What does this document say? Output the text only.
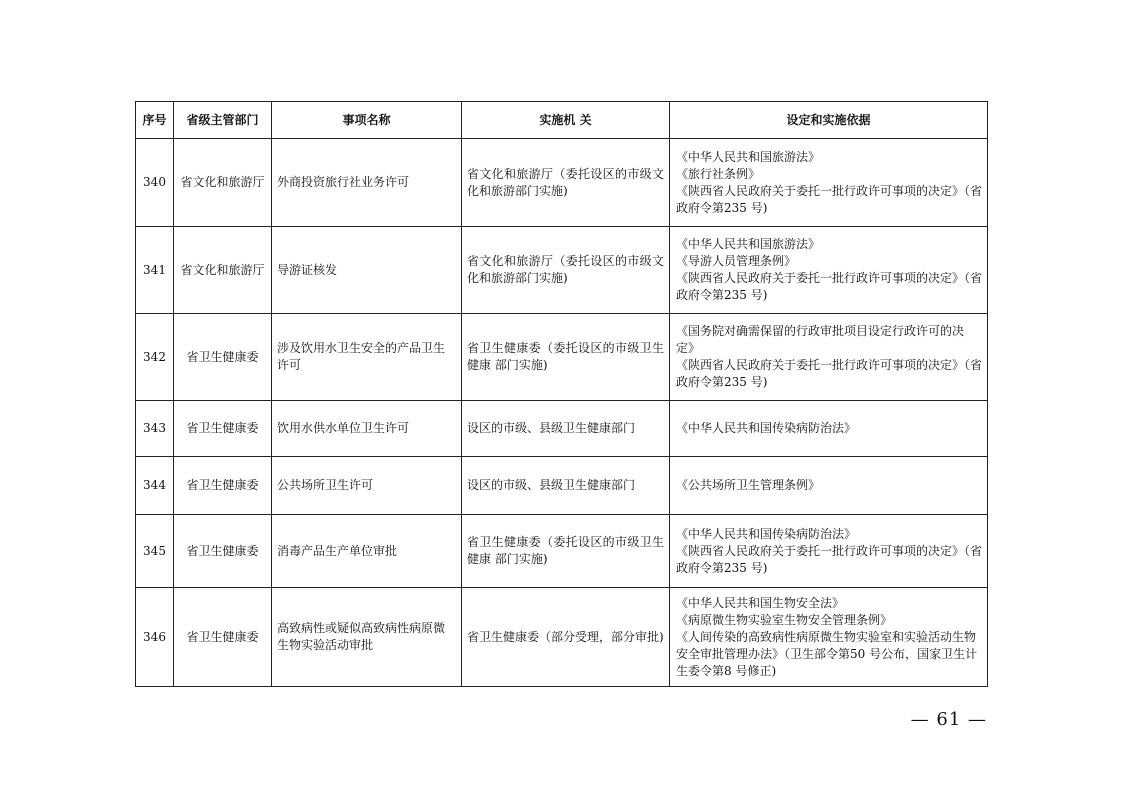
序号	省级主管部门	事项名称	实施机 关	设定和实施依据
340	省文化和旅游厅	外商投资旅行社业务许可	省文化和旅游厅（委托设区的市级文化和旅游部门实施)	《中华人民共和国旅游法》
《旅行社条例》
《陕西省人民政府关于委托一批行政许可事项的决定》（省政府令第235 号)

341	省文化和旅游厅	导游证核发	省文化和旅游厅（委托设区的市级文化和旅游部门实施)	《中华人民共和国旅游法》
《导游人员管理条例》
《陕西省人民政府关于委托一批行政许可事项的决定》（省政府令第235 号)

342	省卫生健康委	涉及饮用水卫生安全的产品卫生许可	省卫生健康委（委托设区的市级卫生健康 部门实施)	《国务院对确需保留的行政审批项目设定行政许可的决定》
《陕西省人民政府关于委托一批行政许可事项的决定》（省政府令第235 号)

343	省卫生健康委	饮用水供水单位卫生许可	设区的市级、县级卫生健康部门	《中华人民共和国传染病防治法》

344	省卫生健康委	公共场所卫生许可	设区的市级、县级卫生健康部门	《公共场所卫生管理条例》

345	省卫生健康委	消毒产品生产单位审批	省卫生健康委（委托设区的市级卫生健康 部门实施)	《中华人民共和国传染病防治法》
《陕西省人民政府关于委托一批行政许可事项的决定》（省政府令第235 号)

346	省卫生健康委	高致病性或疑似高致病性病原微生物实验活动审批	省卫生健康委（部分受理，部分审批)	《中华人民共和国生物安全法》
《病原微生物实验室生物安全管理条例》
《人间传染的高致病性病原微生物实验室和实验活动生物安全审批管理办法》（卫生部令第50 号公布，国家卫生计生委令第8 号修正)
— 61 —
